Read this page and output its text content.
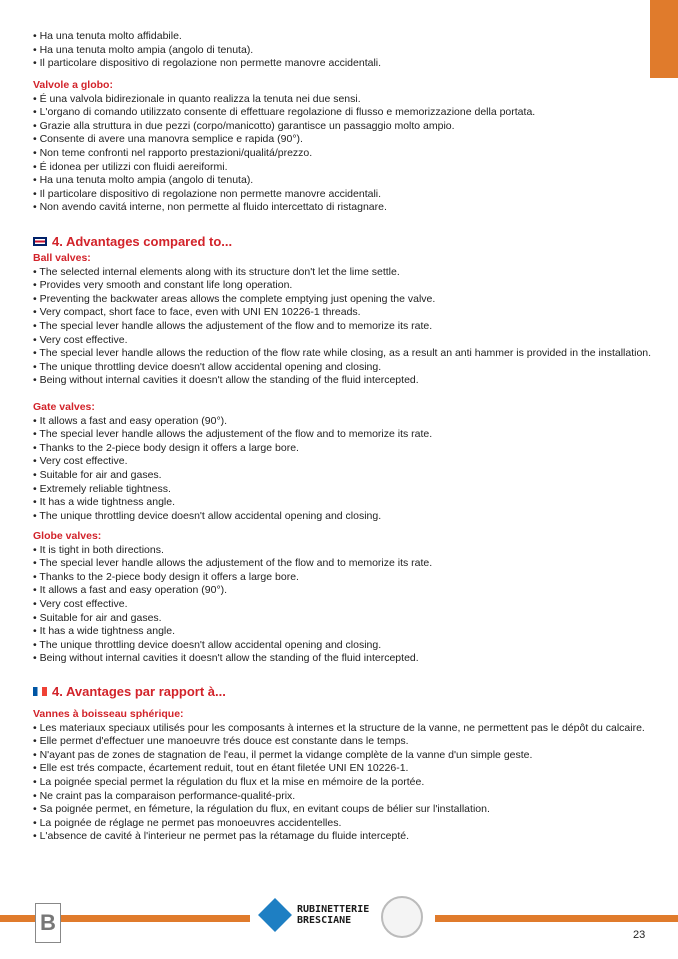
4. Advantages compared to...
4. Avantages par rapport à...
• Ha una tenuta molto affidabile.
• Ha una tenuta molto ampia (angolo di tenuta).
• Il particolare dispositivo di regolazione non permette manovre accidentali.
Valvole a globo:
• É una valvola bidirezionale in quanto realizza la tenuta nei due sensi.
• L'organo di comando utilizzato consente di effettuare regolazione di flusso e memorizzazione della portata.
• Grazie alla struttura in due pezzi (corpo/manicotto) garantisce un passaggio molto ampio.
• Consente di avere una manovra semplice e rapida (90°).
• Non teme confronti nel rapporto prestazioni/qualitá/prezzo.
• É idonea per utilizzi con fluidi aereiformi.
• Ha una tenuta molto ampia (angolo di tenuta).
• Il particolare dispositivo di regolazione non permette manovre accidentali.
• Non avendo cavitá interne, non permette al fluido intercettato di ristagnare.
Ball valves:
• The selected internal elements along with its structure don't let the lime settle.
• Provides very smooth and constant life long operation.
• Preventing the backwater areas allows the complete emptying just opening the valve.
• Very compact, short face to face, even with UNI EN 10226-1 threads.
• The special lever handle allows the adjustement of the flow and to memorize its rate.
• Very cost effective.
• The special lever handle allows the reduction of the flow rate while closing, as a result an anti hammer is provided in the installation.
• The unique throttling device doesn't allow accidental opening and closing.
• Being without internal cavities it doesn't allow the standing of the fluid intercepted.
Gate valves:
• It allows a fast and easy operation (90°).
• The special lever handle allows the adjustement of the flow and to memorize its rate.
• Thanks to the 2-piece body design it offers a large bore.
• Very cost effective.
• Suitable for air and gases.
• Extremely reliable tightness.
• It has a wide tightness angle.
• The unique throttling device doesn't allow accidental opening and closing.
Globe valves:
• It is tight in both directions.
• The special lever handle allows the adjustement of the flow and to memorize its rate.
• Thanks to the 2-piece body design it offers a large bore.
• It allows a fast and easy operation (90°).
• Very cost effective.
• Suitable for air and gases.
• It has a wide tightness angle.
• The unique throttling device doesn't allow accidental opening and closing.
• Being without internal cavities it doesn't allow the standing of the fluid intercepted.
Vannes à boisseau sphérique:
• Les materiaux speciaux utilisés pour les composants à internes et la structure de la vanne, ne permettent pas le dépôt du calcaire.
• Elle permet d'effectuer une manoeuvre trés douce est constante dans le temps.
• N'ayant pas de zones de stagnation de l'eau, il permet la vidange complète de la vanne d'un simple geste.
• Elle est trés compacte, écartement reduit, tout en étant filetée UNI EN 10226-1.
• La poignée special permet la régulation du flux et la mise en mémoire de la portée.
• Ne craint pas la comparaison performance-qualité-prix.
• Sa poignée permet, en fémeture, la régulation du flux, en evitant coups de bélier sur l'installation.
• La poignée de réglage ne permet pas monoeuvres accidentelles.
• L'absence de cavité à l'interieur ne permet pas la rétamage du fluide intercepté.
B
RUBINETTERIE
BRESCIANE
23
